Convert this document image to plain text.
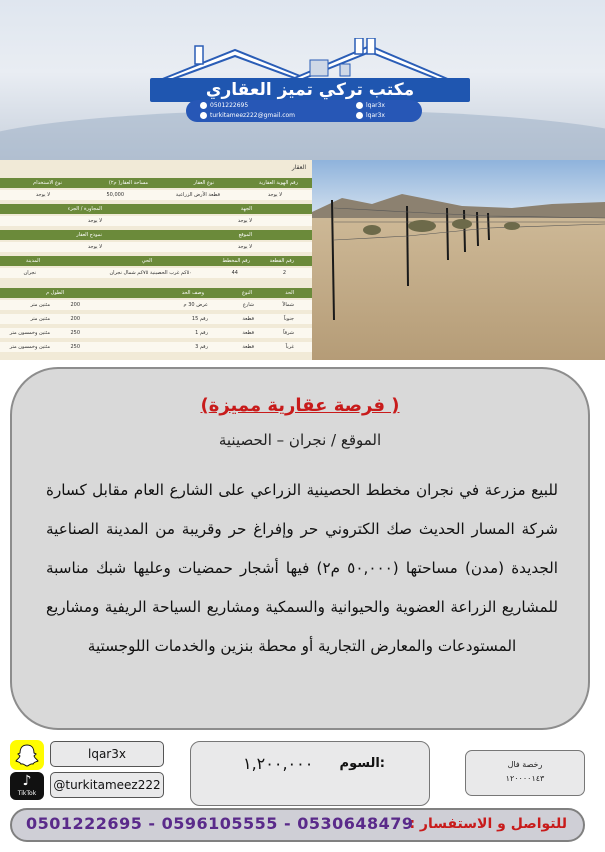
مكتب تركي تميز العقاري
0501222695
turkitameez222@gmail.com
lqar3x
lqar3x
العقار
رقم الهوية العقارية
نوع العقار
مساحة العقار( م٢)
نوع الاستخدام
لا يوجد
قطعة الأرض الزراعية
50,000
لا يوجد
الجهة
المجاورة / الجزء
لا يوجد
لا يوجد
الموقع
نموذج العقار
لا يوجد
لا يوجد
رقم القطعة
رقم المخطط
الحي
المدينة
2
44
٥٠كم غرب الحصينية ٧٥كم شمال نجران
نجران
الحد
النوع
وصف الحد
الطول م
شمالاً
شارع
عرض 30 م
200
مئتين متر
جنوباً
قطعة
رقم 15
200
مئتين متر
شرقاً
قطعة
رقم 1
250
مئتين وخمسون متر
غرباً
قطعة
رقم 3
250
مئتين وخمسون متر
(فرصة عقارية مميزة )
الموقع / نجران – الحصينية
للبيع مزرعة في نجران مخطط الحصينية الزراعي على الشارع العام مقابل كسارة شركة المسار الحديث صك الكتروني حر وإفراغ حر وقريبة من المدينة الصناعية الجديدة (مدن) مساحتها (٥٠,٠٠٠ م٢) فيها أشجار حمضيات وعليها شبك مناسبة للمشاريع الزراعة العضوية والحيوانية والسمكية ومشاريع السياحة الريفية ومشاريع المستودعات والمعارض التجارية أو محطة بنزين والخدمات اللوجستية
♪
TikTok
lqar3x
@turkitameez222
السوم:
١,٢٠٠,٠٠٠	رخصة فال
١٢٠٠٠٠١٤٣
للتواصل و الاستفسار :
0501222695 - 0596105555 - 0530648479
